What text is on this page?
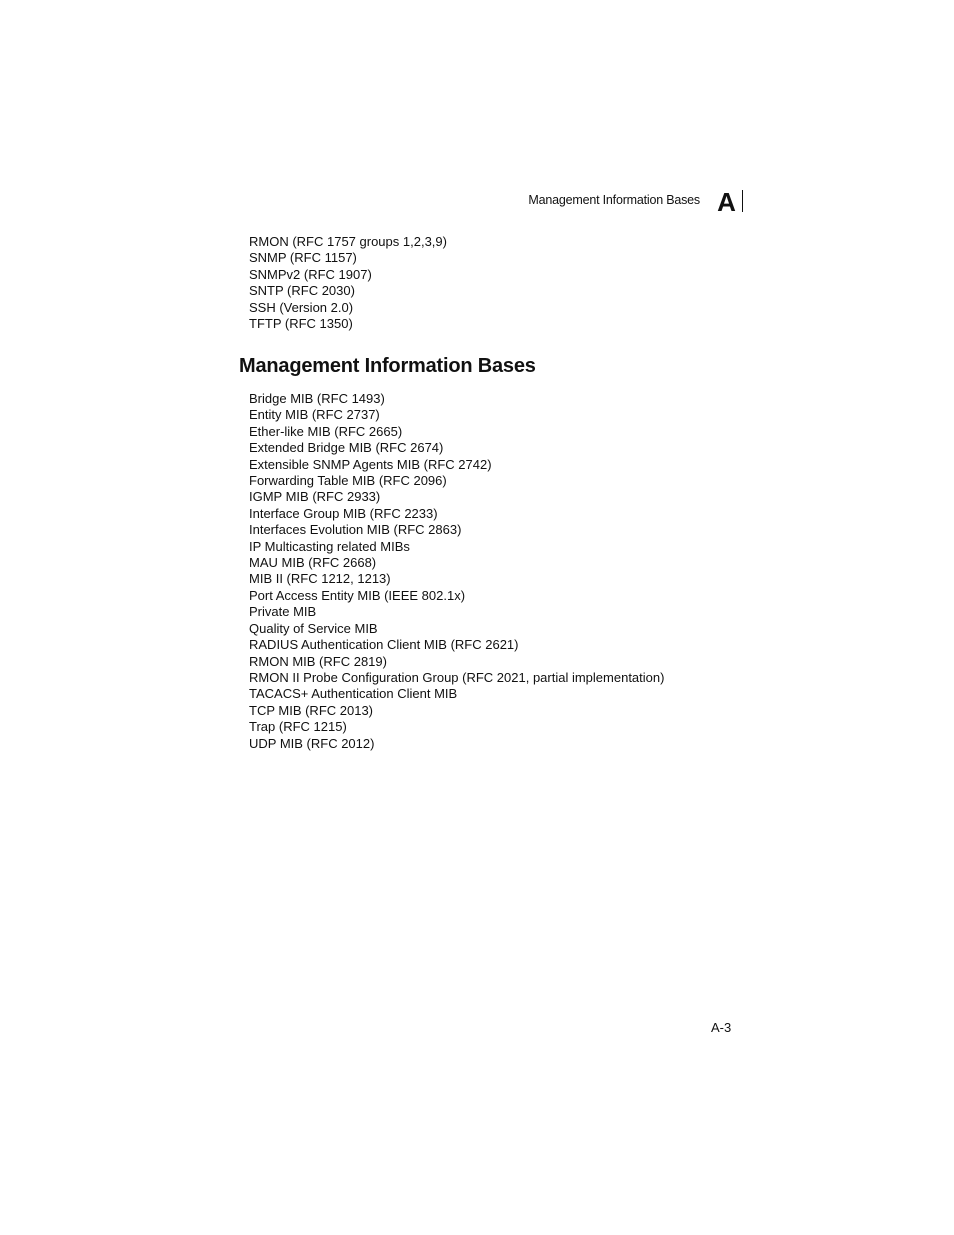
Management Information Bases A
RMON (RFC 1757 groups 1,2,3,9)
SNMP (RFC 1157)
SNMPv2 (RFC 1907)
SNTP (RFC 2030)
SSH (Version 2.0)
TFTP (RFC 1350)
Management Information Bases
Bridge MIB (RFC 1493)
Entity MIB (RFC 2737)
Ether-like MIB (RFC 2665)
Extended Bridge MIB (RFC 2674)
Extensible SNMP Agents MIB (RFC 2742)
Forwarding Table MIB (RFC 2096)
IGMP MIB (RFC 2933)
Interface Group MIB (RFC 2233)
Interfaces Evolution MIB (RFC 2863)
IP Multicasting related MIBs
MAU MIB (RFC 2668)
MIB II (RFC 1212, 1213)
Port Access Entity MIB (IEEE 802.1x)
Private MIB
Quality of Service MIB
RADIUS Authentication Client MIB (RFC 2621)
RMON MIB (RFC 2819)
RMON II Probe Configuration Group (RFC 2021, partial implementation)
TACACS+ Authentication Client MIB
TCP MIB (RFC 2013)
Trap (RFC 1215)
UDP MIB (RFC 2012)
A-3
